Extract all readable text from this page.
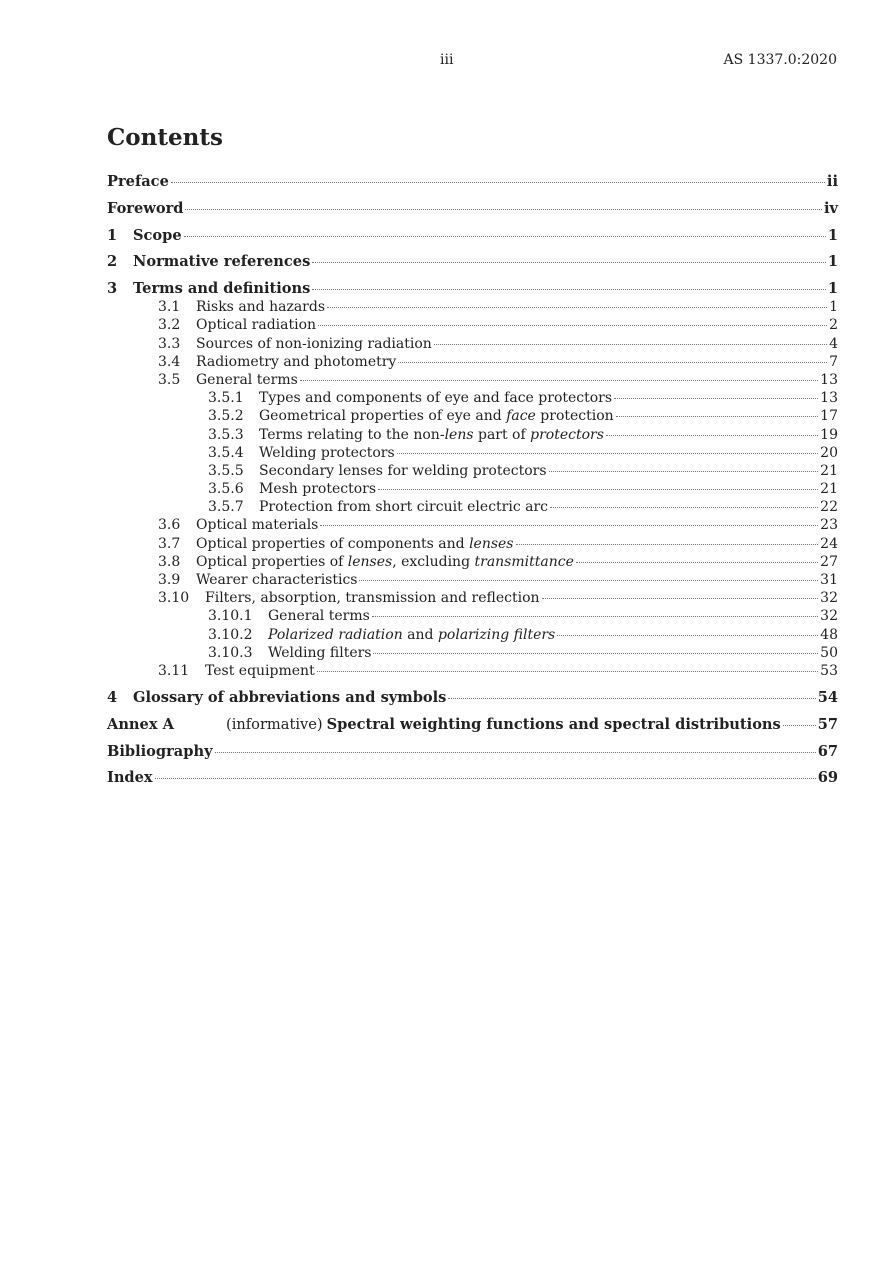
iii	AS 1337.0:2020
Contents
Preface	ii
Foreword	iv
1	Scope	1
2	Normative references	1
3	Terms and definitions	1
3.1	Risks and hazards	1
3.2	Optical radiation	2
3.3	Sources of non-ionizing radiation	4
3.4	Radiometry and photometry	7
3.5	General terms	13
3.5.1	Types and components of eye and face protectors	13
3.5.2	Geometrical properties of eye and face protection	17
3.5.3	Terms relating to the non-lens part of protectors	19
3.5.4	Welding protectors	20
3.5.5	Secondary lenses for welding protectors	21
3.5.6	Mesh protectors	21
3.5.7	Protection from short circuit electric arc	22
3.6	Optical materials	23
3.7	Optical properties of components and lenses	24
3.8	Optical properties of lenses, excluding transmittance	27
3.9	Wearer characteristics	31
3.10	Filters, absorption, transmission and reflection	32
3.10.1	General terms	32
3.10.2	Polarized radiation and polarizing filters	48
3.10.3	Welding filters	50
3.11	Test equipment	53
4	Glossary of abbreviations and symbols	54
Annex A	(informative) Spectral weighting functions and spectral distributions	57
Bibliography	67
Index	69
